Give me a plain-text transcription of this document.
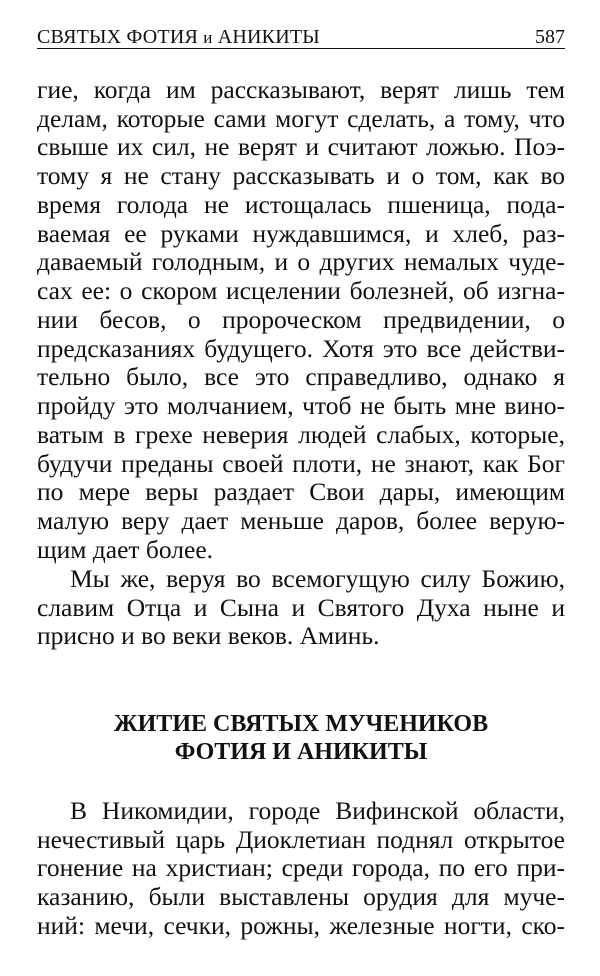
СВЯТЫХ ФОТИЯ и АНИКИТЫ	587
гие, когда им рассказывают, верят лишь тем
делам, которые сами могут сделать, а тому, что
свыше их сил, не верят и считают ложью. Поэ-
тому я не стану рассказывать и о том, как во
время голода не истощалась пшеница, пода-
ваемая ее руками нуждавшимся, и хлеб, раз-
даваемый голодным, и о других немалых чуде-
сах ее: о скором исцелении болезней, об изгна-
нии бесов, о пророческом предвидении, о
предсказаниях будущего. Хотя это все действи-
тельно было, все это справедливо, однако я
пройду это молчанием, чтоб не быть мне вино-
ватым в грехе неверия людей слабых, которые,
будучи преданы своей плоти, не знают, как Бог
по мере веры раздает Свои дары, имеющим
малую веру дает меньше даров, более верую-
щим дает более.
Мы же, веруя во всемогущую силу Божию,
славим Отца и Сына и Святого Духа ныне и
присно и во веки веков. Аминь.
ЖИТИЕ СВЯТЫХ МУЧЕНИКОВ
ФОТИЯ И АНИКИТЫ
В Никомидии, городе Вифинской области,
нечестивый царь Диоклетиан поднял открытое
гонение на христиан; среди города, по его при-
казанию, были выставлены орудия для муче-
ний: мечи, сечки, рожны, железные ногти, ско-
